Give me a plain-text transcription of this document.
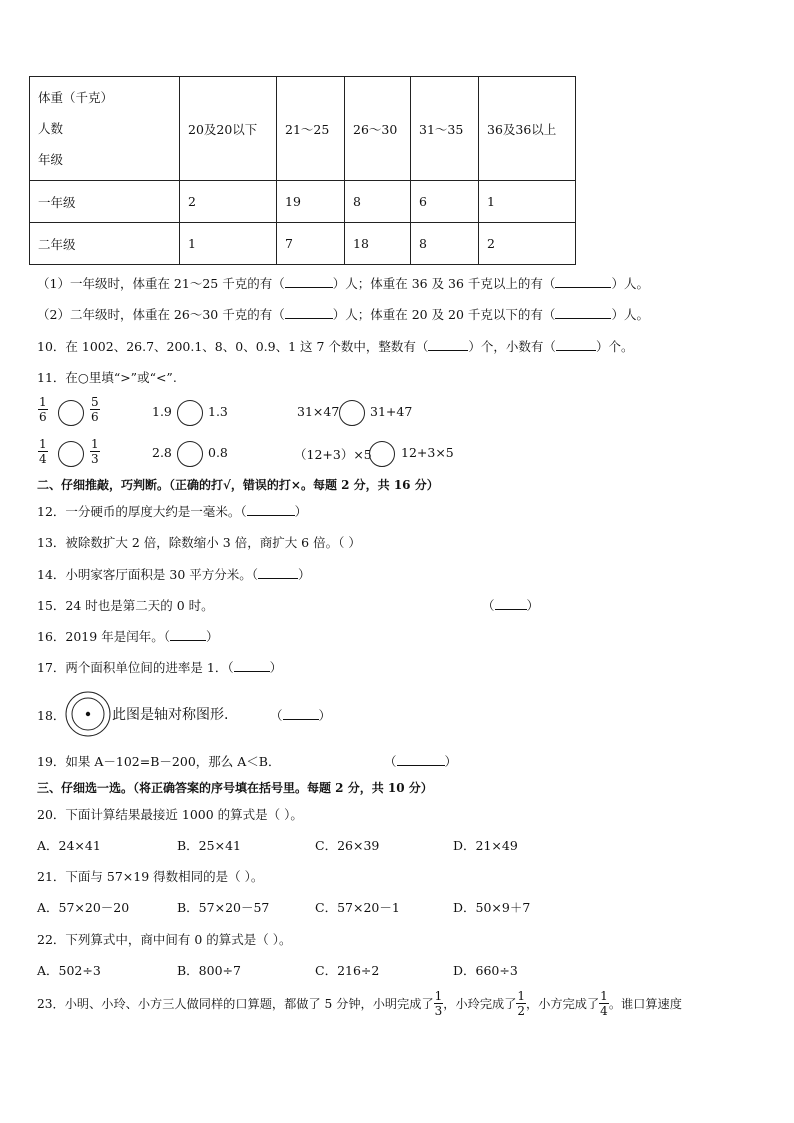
体重（千克）
人数
年级	20及20以下	21～25	26～30	31～35	36及36以上
一年级	2	19	8	6	1
二年级	1	7	18	8	2
（1）一年级时，体重在 21～25 千克的有（	）人；体重在 36 及 36 千克以上的有（	）人。
（2）二年级时，体重在 26～30 千克的有（	）人；体重在 20 及 20 千克以下的有（	）人。
10．在 1002、26.7、200.1、8、0、0.9、1 这 7 个数中，整数有（	）个，小数有（	）个。
11．在○里填“>”或“<”.
$\frac{1}{6}$	$\frac{5}{6}$	1.9	1.3	31×47 31+47
$\frac{1}{4}$	$\frac{1}{3}$	2.8	0.8	（12+3）×5 12+3×5
二、仔细推敲，巧判断。（正确的打√，错误的打×。每题 2 分，共 16 分）
12．一分硬币的厚度大约是一毫米。（	）
13．被除数扩大 2 倍，除数缩小 3 倍，商扩大 6 倍。（ ）
14．小明家客厅面积是 30 平方分米。（	）
15．24 时也是第二天的 0 时。	（	）
16．2019 年是闰年。（	）
17．两个面积单位间的进率是 1．（	）
18．	此图是轴对称图形.	（	）
19．如果 A－102=B－200，那么 A＜B．	（	）
三、仔细选一选。（将正确答案的序号填在括号里。每题 2 分，共 10 分）
20．下面计算结果最接近 1000 的算式是（ ）。
A．24×41	B．25×41	C．26×39	D．21×49
21．下面与 57×19 得数相同的是（ ）。
A．57×20－20	B．57×20－57	C．57×20－1	D．50×9＋7
22．下列算式中，商中间有 0 的算式是（ ）。
A．502÷3	B．800÷7	C．216÷2	D．660÷3
23．小明、小玲、小方三人做同样的口算题，都做了 5 分钟，小明完成了 $\frac{1}{3}$ ，小玲完成了 $\frac{1}{2}$ ，小方完成了 $\frac{1}{4}$ 。谁口算速度
